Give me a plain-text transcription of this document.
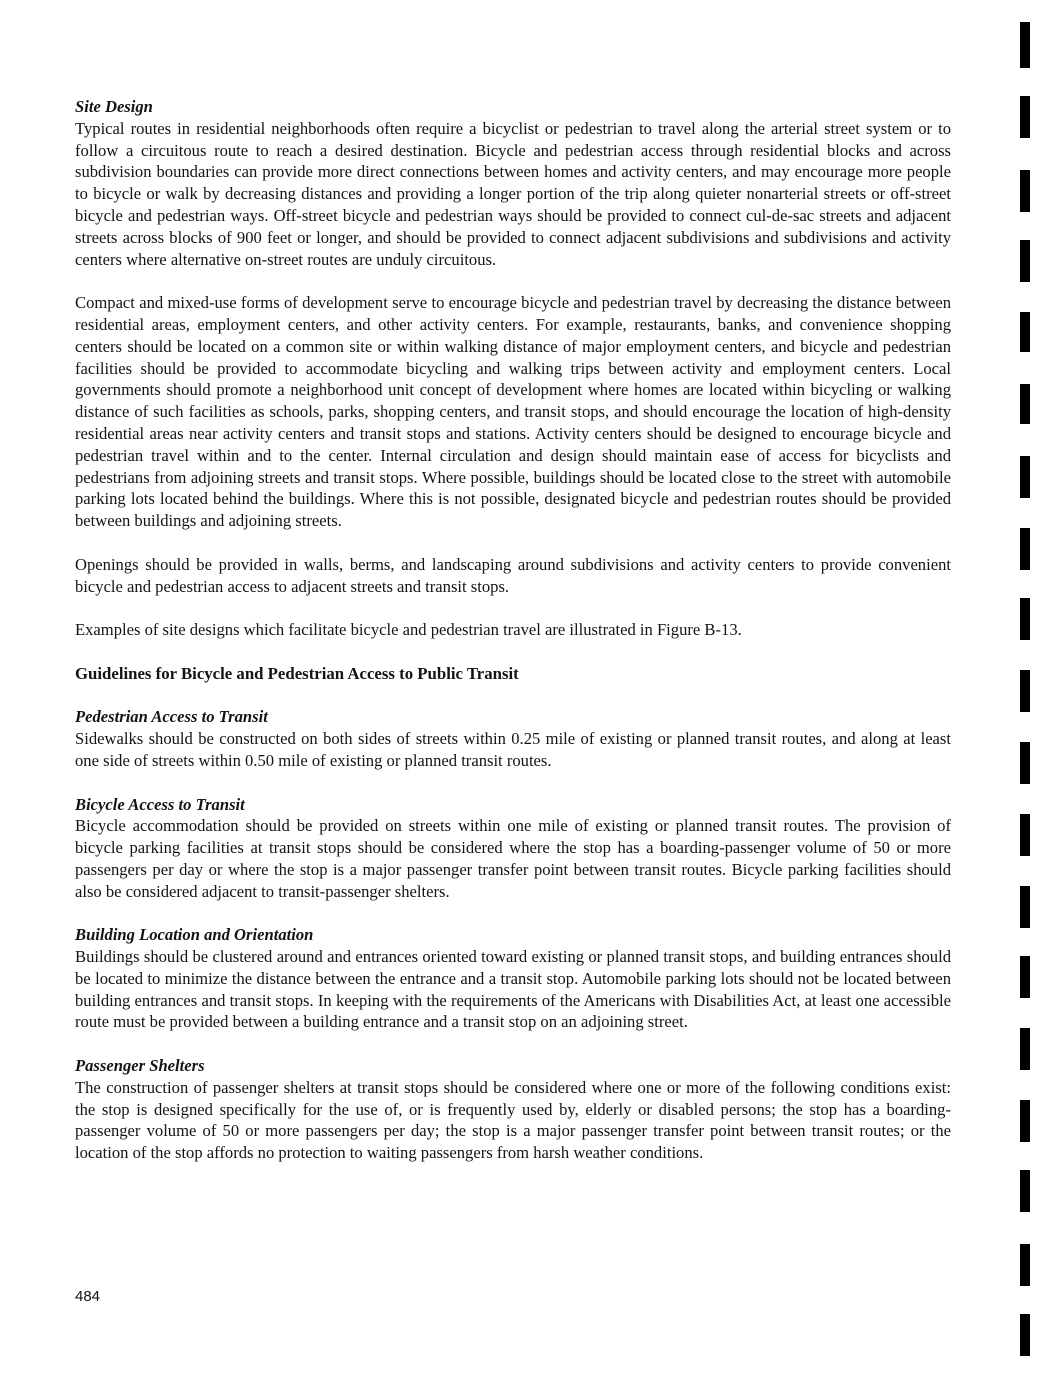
Site Design

Typical routes in residential neighborhoods often require a bicyclist or pedestrian to travel along the arterial street system or to follow a circuitous route to reach a desired destination. Bicycle and pedestrian access through residential blocks and across subdivision boundaries can provide more direct connections between homes and activity centers, and may encourage more people to bicycle or walk by decreasing distances and providing a longer portion of the trip along quieter nonarterial streets or off-street bicycle and pedestrian ways. Off-street bicycle and pedestrian ways should be provided to connect cul-de-sac streets and adjacent streets across blocks of 900 feet or longer, and should be provided to connect adjacent subdivisions and subdivisions and activity centers where alternative on-street routes are unduly circuitous.

Compact and mixed-use forms of development serve to encourage bicycle and pedestrian travel by decreasing the distance between residential areas, employment centers, and other activity centers. For example, restaurants, banks, and convenience shopping centers should be located on a common site or within walking distance of major employment centers, and bicycle and pedestrian facilities should be provided to accommodate bicycling and walking trips between activity and employment centers. Local governments should promote a neighborhood unit concept of development where homes are located within bicycling or walking distance of such facilities as schools, parks, shopping centers, and transit stops, and should encourage the location of high-density residential areas near activity centers and transit stops and stations. Activity centers should be designed to encourage bicycle and pedestrian travel within and to the center. Internal circulation and design should maintain ease of access for bicyclists and pedestrians from adjoining streets and transit stops. Where possible, buildings should be located close to the street with automobile parking lots located behind the buildings. Where this is not possible, designated bicycle and pedestrian routes should be provided between buildings and adjoining streets.

Openings should be provided in walls, berms, and landscaping around subdivisions and activity centers to provide convenient bicycle and pedestrian access to adjacent streets and transit stops.

Examples of site designs which facilitate bicycle and pedestrian travel are illustrated in Figure B-13.

Guidelines for Bicycle and Pedestrian Access to Public Transit
Pedestrian Access to Transit

Sidewalks should be constructed on both sides of streets within 0.25 mile of existing or planned transit routes, and along at least one side of streets within 0.50 mile of existing or planned transit routes.

Bicycle Access to Transit

Bicycle accommodation should be provided on streets within one mile of existing or planned transit routes. The provision of bicycle parking facilities at transit stops should be considered where the stop has a boarding-passenger volume of 50 or more passengers per day or where the stop is a major passenger transfer point between transit routes. Bicycle parking facilities should also be considered adjacent to transit-passenger shelters.

Building Location and Orientation

Buildings should be clustered around and entrances oriented toward existing or planned transit stops, and building entrances should be located to minimize the distance between the entrance and a transit stop. Automobile parking lots should not be located between building entrances and transit stops. In keeping with the requirements of the Americans with Disabilities Act, at least one accessible route must be provided between a building entrance and a transit stop on an adjoining street.

Passenger Shelters

The construction of passenger shelters at transit stops should be considered where one or more of the following conditions exist: the stop is designed specifically for the use of, or is frequently used by, elderly or disabled persons; the stop has a boarding-passenger volume of 50 or more passengers per day; the stop is a major passenger transfer point between transit routes; or the location of the stop affords no protection to waiting passengers from harsh weather conditions.

484
